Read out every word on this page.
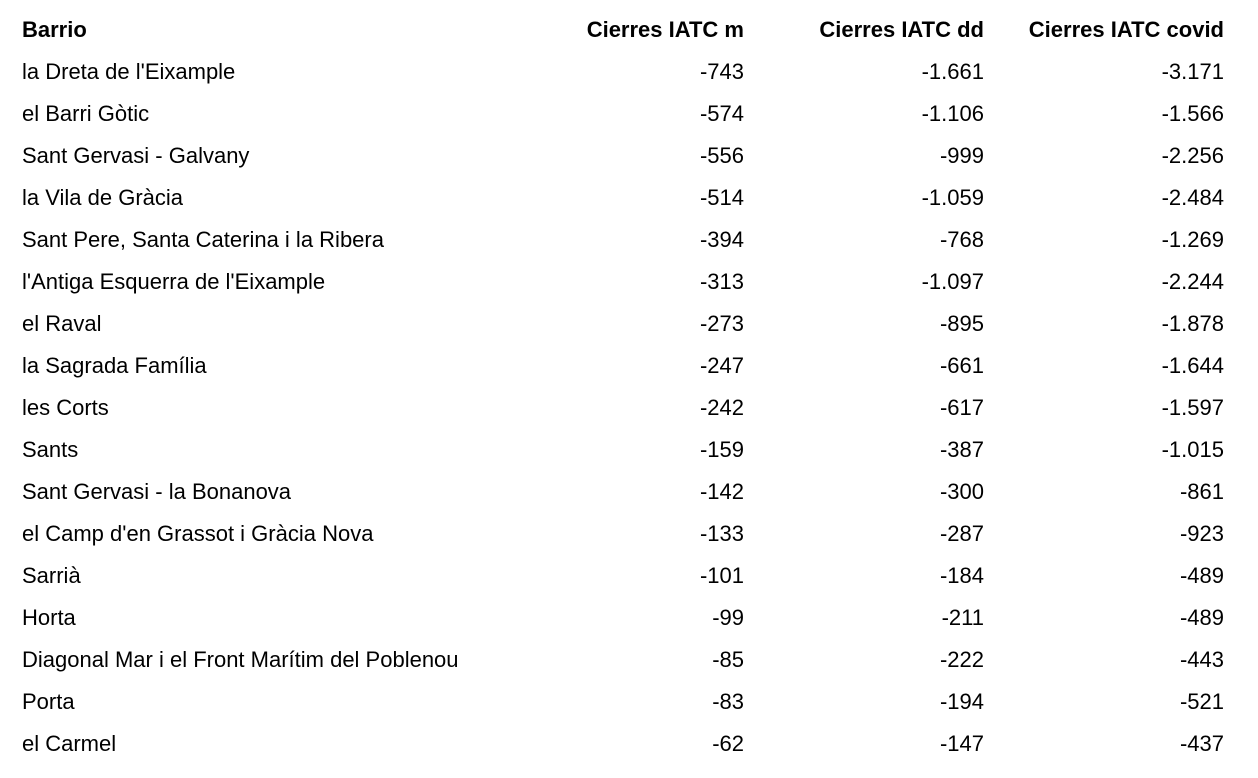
Barrio	Cierres IATC m	Cierres IATC dd	Cierres IATC covid
la Dreta de l'Eixample	-743	-1.661	-3.171
el Barri Gòtic	-574	-1.106	-1.566
Sant Gervasi - Galvany	-556	-999	-2.256
la Vila de Gràcia	-514	-1.059	-2.484
Sant Pere, Santa Caterina i la Ribera	-394	-768	-1.269
l'Antiga Esquerra de l'Eixample	-313	-1.097	-2.244
el Raval	-273	-895	-1.878
la Sagrada Família	-247	-661	-1.644
les Corts	-242	-617	-1.597
Sants	-159	-387	-1.015
Sant Gervasi - la Bonanova	-142	-300	-861
el Camp d'en Grassot i Gràcia Nova	-133	-287	-923
Sarrià	-101	-184	-489
Horta	-99	-211	-489
Diagonal Mar i el Front Marítim del Poblenou	-85	-222	-443
Porta	-83	-194	-521
el Carmel	-62	-147	-437
